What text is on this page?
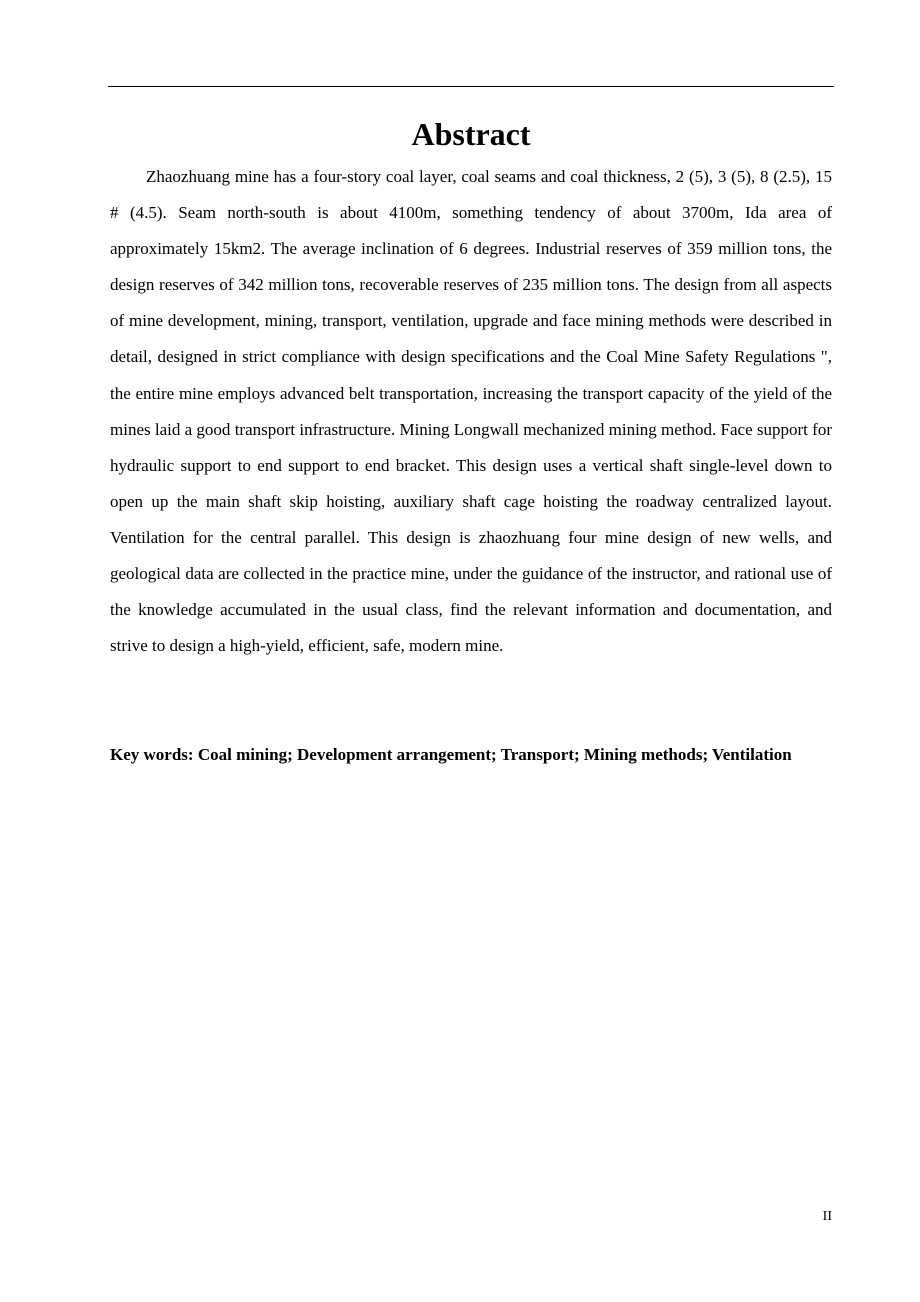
Abstract

Zhaozhuang mine has a four-story coal layer, coal seams and coal thickness, 2 (5), 3 (5), 8 (2.5), 15 # (4.5). Seam north-south is about 4100m, something tendency of about 3700m, Ida area of approximately 15km2. The average inclination of 6 degrees. Industrial reserves of 359 million tons, the design reserves of 342 million tons, recoverable reserves of 235 million tons. The design from all aspects of mine development, mining, transport, ventilation, upgrade and face mining methods were described in detail, designed in strict compliance with design specifications and the Coal Mine Safety Regulations ", the entire mine employs advanced belt transportation, increasing the transport capacity of the yield of the mines laid a good transport infrastructure. Mining Longwall mechanized mining method. Face support for hydraulic support to end support to end bracket. This design uses a vertical shaft single-level down to open up the main shaft skip hoisting, auxiliary shaft cage hoisting the roadway centralized layout. Ventilation for the central parallel. This design is zhaozhuang four mine design of new wells, and geological data are collected in the practice mine, under the guidance of the instructor, and rational use of the knowledge accumulated in the usual class, find the relevant information and documentation, and strive to design a high-yield, efficient, safe, modern mine.

Key words: Coal mining; Development arrangement; Transport; Mining methods; Ventilation

II
